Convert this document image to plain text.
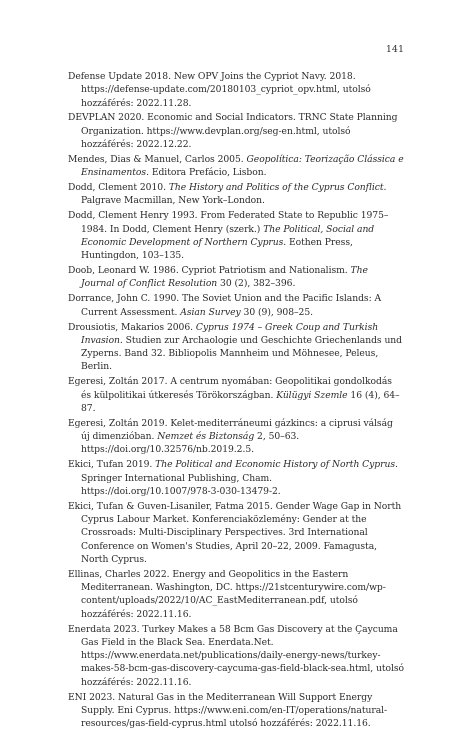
141

Defense Update 2018. New OPV Joins the Cypriot Navy. 2018. https://defense-update.com/20180103_cypriot_opv.html, utolsó hozzáférés: 2022.11.28.

DEVPLAN 2020. Economic and Social Indicators. TRNC State Planning Organization. https://www.devplan.org/seg-en.html, utolsó hozzáférés: 2022.12.22.

Mendes, Dias & Manuel, Carlos 2005. Geopolítica: Teorização Clássica e Ensinamentos. Editora Prefácio, Lisbon.

Dodd, Clement 2010. The History and Politics of the Cyprus Conflict. Palgrave Macmillan, New York–London.

Dodd, Clement Henry 1993. From Federated State to Republic 1975–1984. In Dodd, Clement Henry (szerk.) The Political, Social and Economic Development of Northern Cyprus. Eothen Press, Huntingdon, 103–135.

Doob, Leonard W. 1986. Cypriot Patriotism and Nationalism. The Journal of Conflict Resolution 30 (2), 382–396.

Dorrance, John C. 1990. The Soviet Union and the Pacific Islands: A Current Assessment. Asian Survey 30 (9), 908–25.

Drousiotis, Makarios 2006. Cyprus 1974 – Greek Coup and Turkish Invasion. Studien zur Archaologie und Geschichte Griechenlands und Zyperns. Band 32. Bibliopolis Mannheim und Möhnesee, Peleus, Berlin.

Egeresi, Zoltán 2017. A centrum nyomában: Geopolitikai gondolkodás és külpolitikai útkeresés Törökországban. Külügyi Szemle 16 (4), 64–87.

Egeresi, Zoltán 2019. Kelet-mediterráneumi gázkincs: a ciprusi válság új dimenzióban. Nemzet és Biztonság 2, 50–63. https://doi.org/10.32576/nb.2019.2.5.

Ekici, Tufan 2019. The Political and Economic History of North Cyprus. Springer International Publishing, Cham. https://doi.org/10.1007/978-3-030-13479-2.

Ekici, Tufan & Guven-Lisaniler, Fatma 2015. Gender Wage Gap in North Cyprus Labour Market. Konferenciaközlemény: Gender at the Crossroads: Multi-Disciplinary Perspectives. 3rd International Conference on Women's Studies, April 20–22, 2009. Famagusta, North Cyprus.

Ellinas, Charles 2022. Energy and Geopolitics in the Eastern Mediterranean. Washington, DC. https://21stcenturywire.com/wp-content/uploads/2022/10/AC_EastMediterranean.pdf, utolsó hozzáférés: 2022.11.16.

Enerdata 2023. Turkey Makes a 58 Bcm Gas Discovery at the Çaycuma Gas Field in the Black Sea. Enerdata.Net. https://www.enerdata.net/publications/daily-energy-news/turkey-makes-58-bcm-gas-discovery-caycuma-gas-field-black-sea.html, utolsó hozzáférés: 2022.11.16.

ENI 2023. Natural Gas in the Mediterranean Will Support Energy Supply. Eni Cyprus. https://www.eni.com/en-IT/operations/natural-resources/gas-field-cyprus.html utolsó hozzáférés: 2022.11.16.
